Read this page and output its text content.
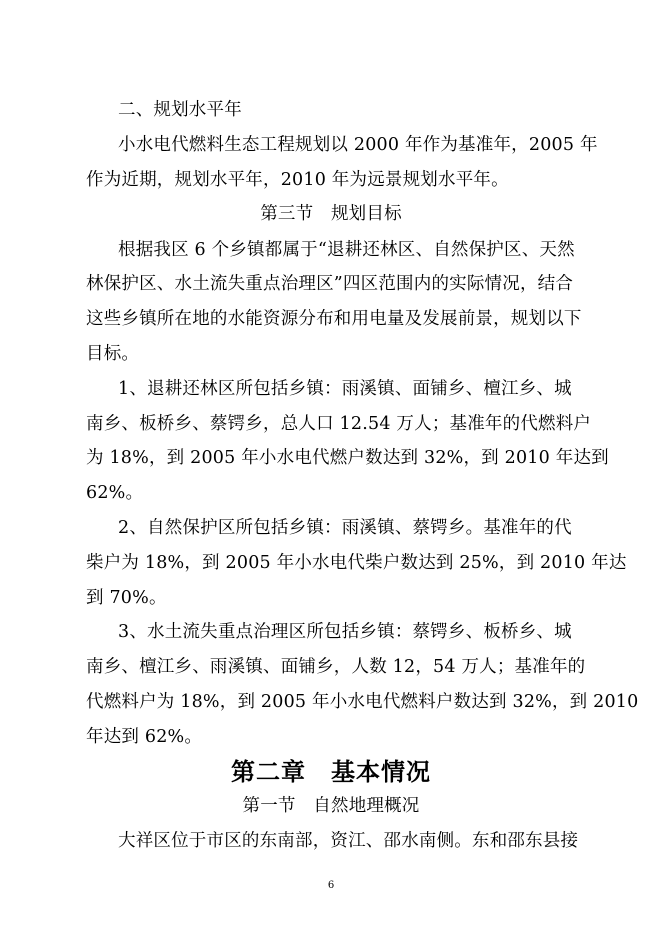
二、规划水平年
小水电代燃料生态工程规划以 2000 年作为基准年，2005 年
作为近期，规划水平年，2010 年为远景规划水平年。
第三节　规划目标
根据我区 6 个乡镇都属于“退耕还林区、自然保护区、天然
林保护区、水土流失重点治理区”四区范围内的实际情况，结合
这些乡镇所在地的水能资源分布和用电量及发展前景，规划以下
目标。
1、退耕还林区所包括乡镇：雨溪镇、面铺乡、檀江乡、城
南乡、板桥乡、蔡锷乡，总人口 12.54 万人；基准年的代燃料户
为 18%，到 2005 年小水电代燃户数达到 32%，到 2010 年达到
62%。
2、自然保护区所包括乡镇：雨溪镇、蔡锷乡。基准年的代
柴户为 18%，到 2005 年小水电代柴户数达到 25%，到 2010 年达
到 70%。
3、水土流失重点治理区所包括乡镇：蔡锷乡、板桥乡、城
南乡、檀江乡、雨溪镇、面铺乡，人数 12，54 万人；基准年的
代燃料户为 18%，到 2005 年小水电代燃料户数达到 32%，到 2010
年达到 62%。
第二章　基本情况
第一节　自然地理概况
大祥区位于市区的东南部，资江、邵水南侧。东和邵东县接
6
